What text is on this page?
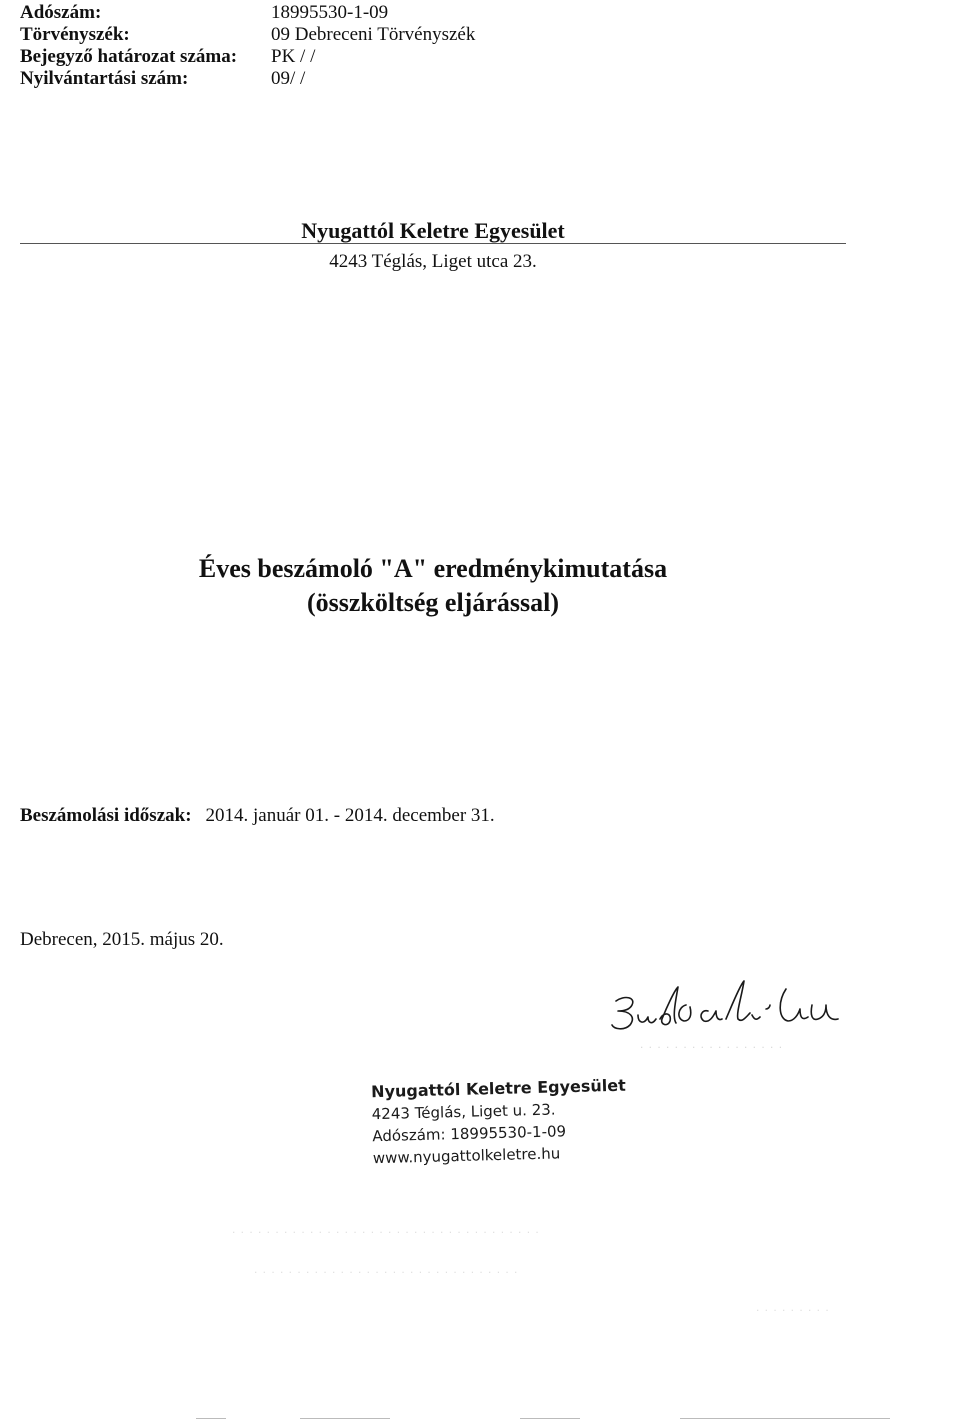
Adószám:	18995530-1-09
Törvényszék:	09 Debreceni Törvényszék
Bejegyző határozat száma: PK / /
Nyilvántartási szám:	09/ /
Nyugattól Keletre Egyesület
4243 Téglás, Liget utca 23.
Éves beszámoló "A" eredménykimutatása
(összköltség eljárással)
Beszámolási időszak: 2014. január 01. - 2014. december 31.
Debrecen, 2015. május 20.
. . . . . . . . . . . . . . . . .
Nyugattól Keletre Egyesület
4243 Téglás, Liget u. 23.
Adószám: 18995530-1-09
www.nyugattolkeletre.hu
. . . . . . . . . . . . . . . . . . . . . . . . . . . . . . . . . . . .
. . . . . . . . . . . . . . . . . . . . . . . . . . . . . . .
. . . . . . . . .
